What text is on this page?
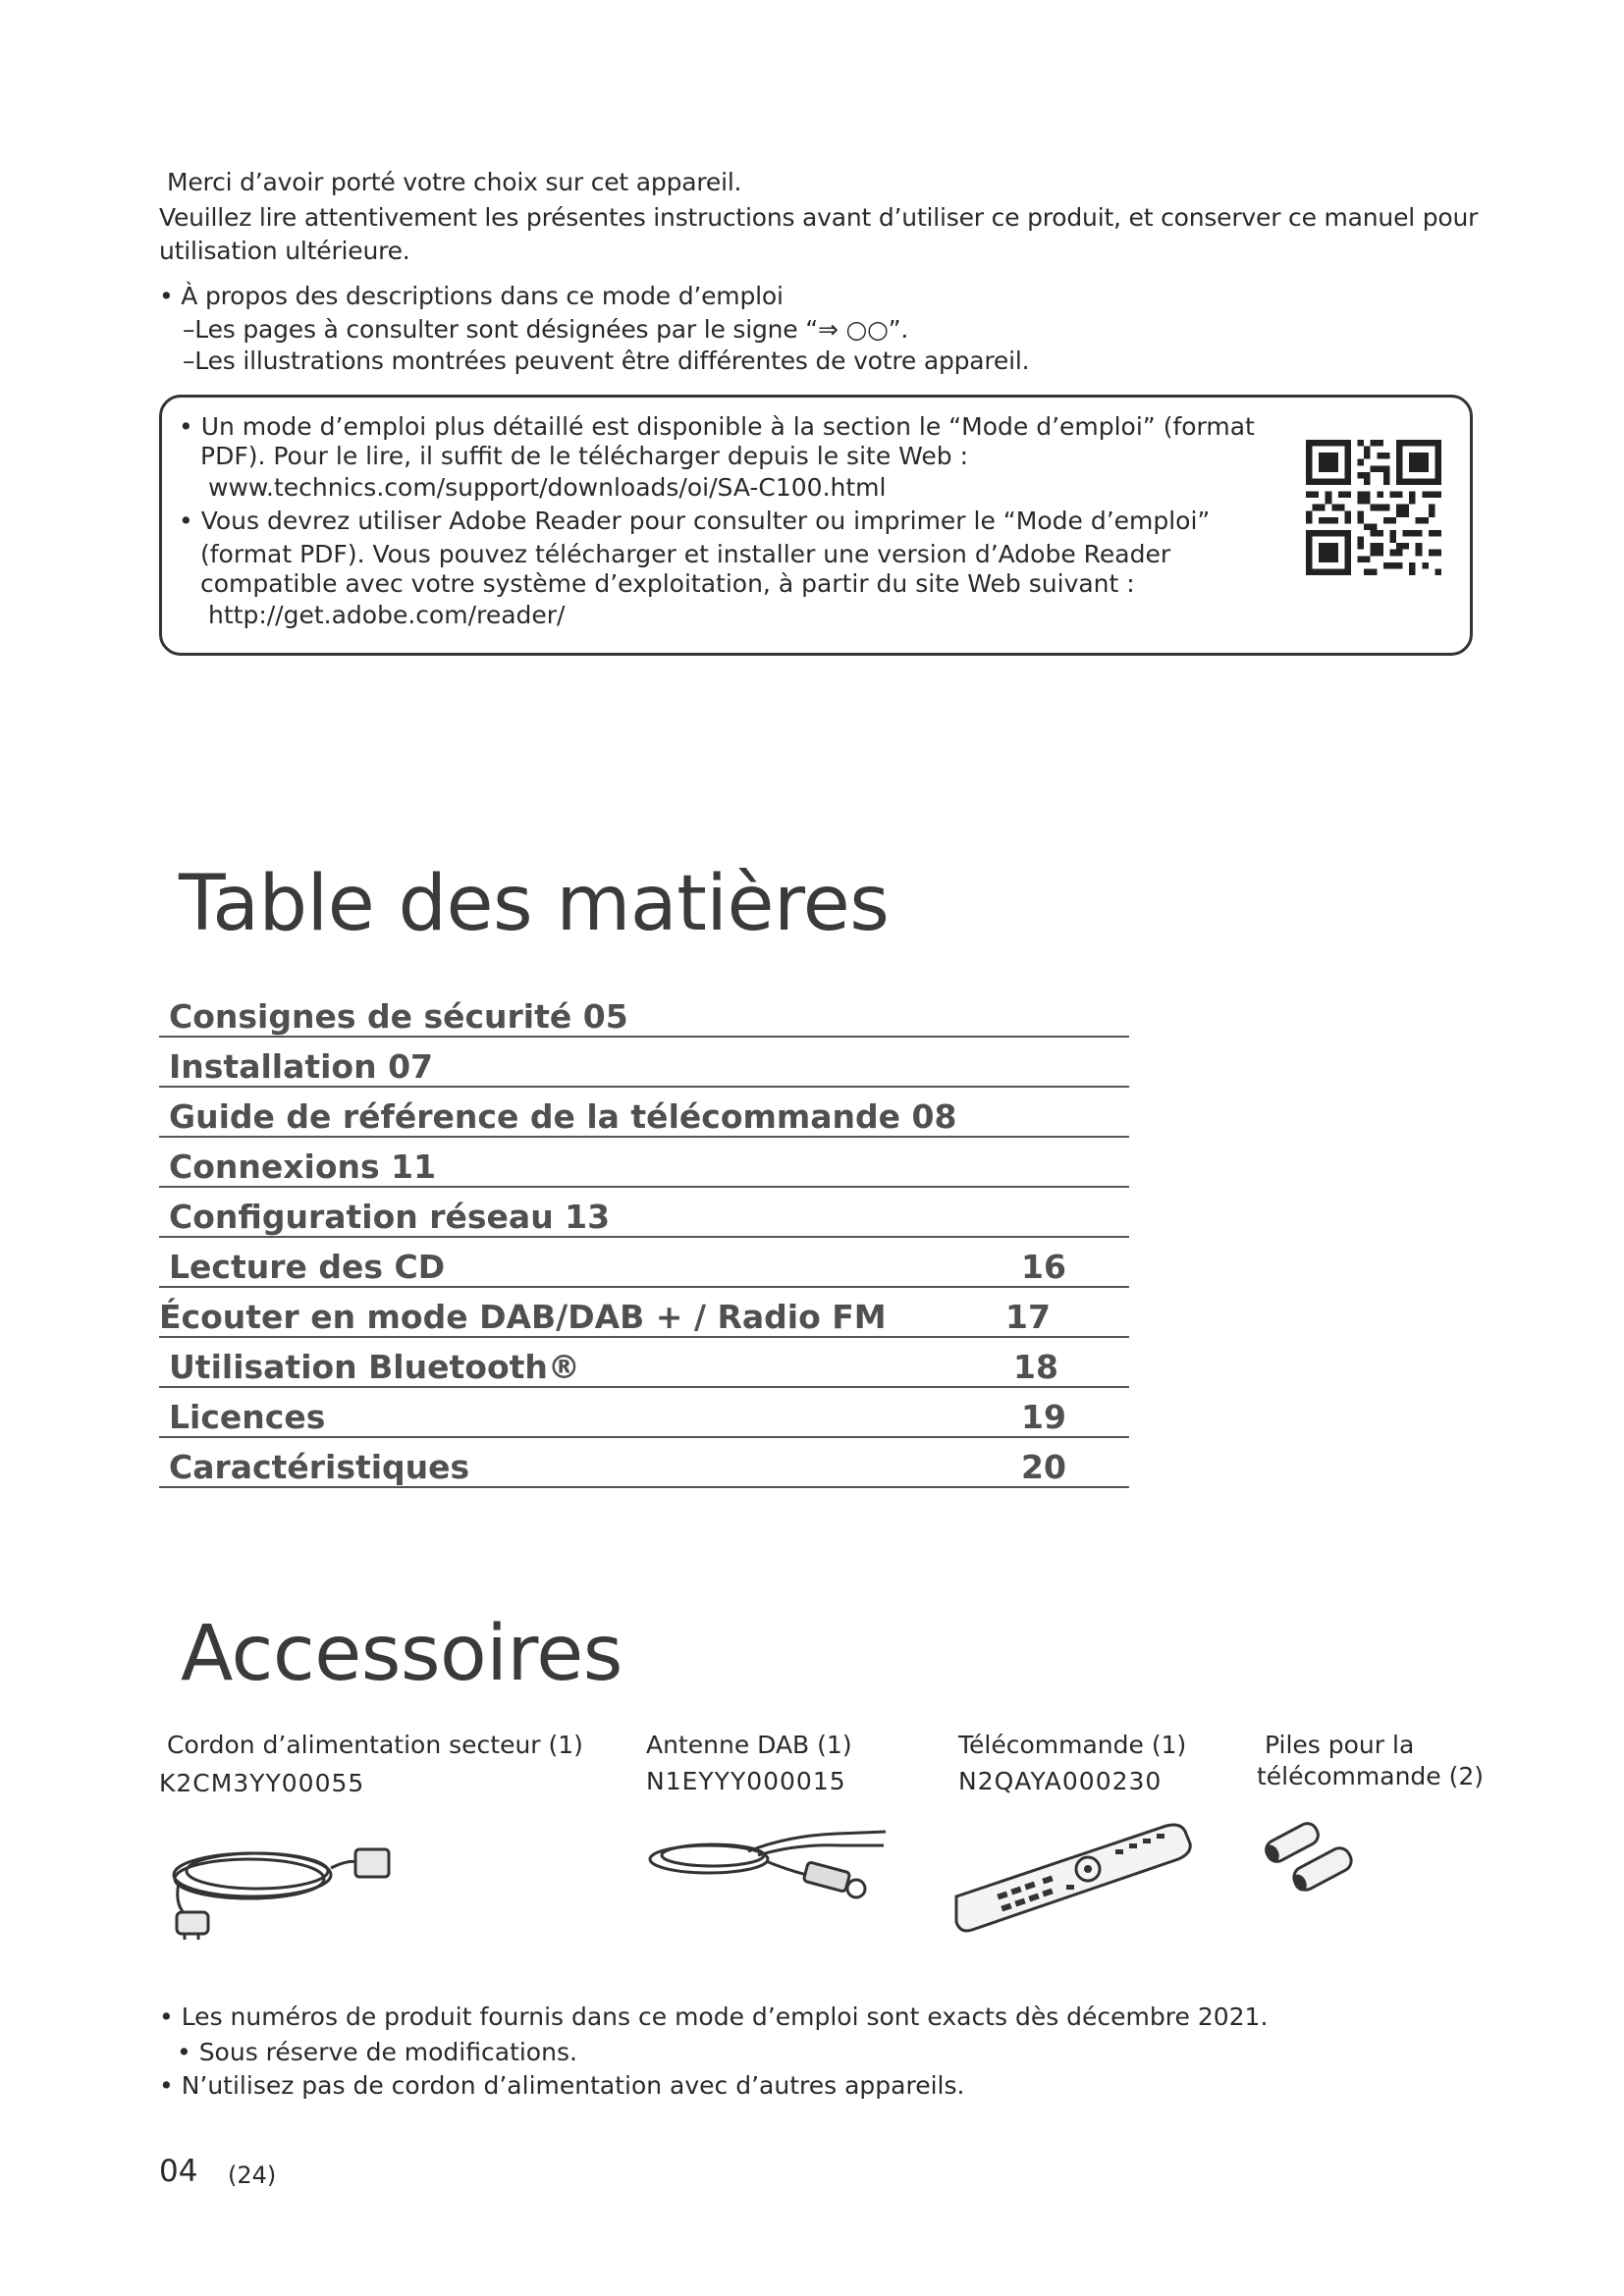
Merci d’avoir porté votre choix sur cet appareil.
Veuillez lire attentivement les présentes instructions avant d’utiliser ce produit, et conserver ce manuel pour
utilisation ultérieure.
• À propos des descriptions dans ce mode d’emploi
–Les pages à consulter sont désignées par le signe “⇒ ○○”.
–Les illustrations montrées peuvent être différentes de votre appareil.
• Un mode d’emploi plus détaillé est disponible à la section le “Mode d’emploi” (format
PDF). Pour le lire, il suffit de le télécharger depuis le site Web :
www.technics.com/support/downloads/oi/SA-C100.html
• Vous devrez utiliser Adobe Reader pour consulter ou imprimer le “Mode d’emploi”
(format PDF). Vous pouvez télécharger et installer une version d’Adobe Reader
compatible avec votre système d’exploitation, à partir du site Web suivant :
http://get.adobe.com/reader/
Table des matières
Consignes de sécurité 05
Installation 07
Guide de référence de la télécommande 08
Connexions 11
Configuration réseau 13
Lecture des CD	16
Écouter en mode DAB/DAB + / Radio FM	17
Utilisation Bluetooth®	18
Licences	19
Caractéristiques	20
Accessoires
Cordon d’alimentation secteur (1)
K2CM3YY00055
Antenne DAB (1)
N1EYYY000015
Télécommande (1)
N2QAYA000230
Piles pour la
télécommande (2)
• Les numéros de produit fournis dans ce mode d’emploi sont exacts dès décembre 2021.
• Sous réserve de modifications.
• N’utilisez pas de cordon d’alimentation avec d’autres appareils.
04 (24)
